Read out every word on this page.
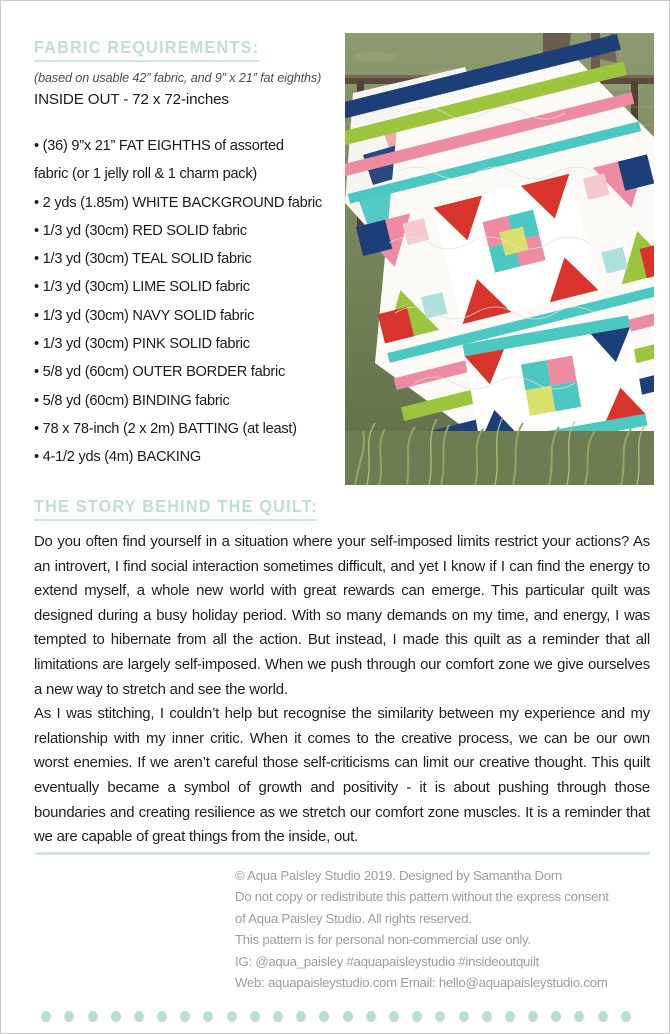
FABRIC REQUIREMENTS:
(based on usable 42” fabric, and 9” x 21” fat eighths)
INSIDE OUT - 72 x 72-inches
• (36) 9”x 21” FAT EIGHTHS of assorted fabric (or 1 jelly roll & 1 charm pack)
• 2 yds (1.85m) WHITE BACKGROUND fabric
• 1/3 yd (30cm) RED SOLID fabric
• 1/3 yd (30cm) TEAL SOLID fabric
• 1/3 yd (30cm) LIME SOLID fabric
• 1/3 yd (30cm) NAVY SOLID fabric
• 1/3 yd (30cm) PINK SOLID fabric
• 5/8 yd (60cm) OUTER BORDER fabric
• 5/8 yd (60cm) BINDING fabric
• 78 x 78-inch (2 x 2m) BATTING (at least)
• 4-1/2 yds (4m) BACKING
THE STORY BEHIND THE QUILT:

Do you often find yourself in a situation where your self-imposed limits restrict your actions? As an introvert, I find social interaction sometimes difficult, and yet I know if I can find the energy to extend myself, a whole new world with great rewards can emerge. This particular quilt was designed during a busy holiday period. With so many demands on my time, and energy, I was tempted to hibernate from all the action. But instead, I made this quilt as a reminder that all limitations are largely self-imposed. When we push through our comfort zone we give ourselves a new way to stretch and see the world.

As I was stitching, I couldn’t help but recognise the similarity between my experience and my relationship with my inner critic. When it comes to the creative process, we can be our own worst enemies. If we aren’t careful those self-criticisms can limit our creative thought. This quilt eventually became a symbol of growth and positivity - it is about pushing through those boundaries and creating resilience as we stretch our comfort zone muscles. It is a reminder that we are capable of great things from the inside, out.

© Aqua Paisley Studio 2019. Designed by Samantha Dorn
Do not copy or redistribute this pattern without the express consent
of Aqua Paisley Studio. All rights reserved.
This pattern is for personal non-commercial use only.
IG: @aqua_paisley #aquapaisleystudio #insideoutquilt
Web: aquapaisleystudio.com Email: hello@aquapaisleystudio.com
